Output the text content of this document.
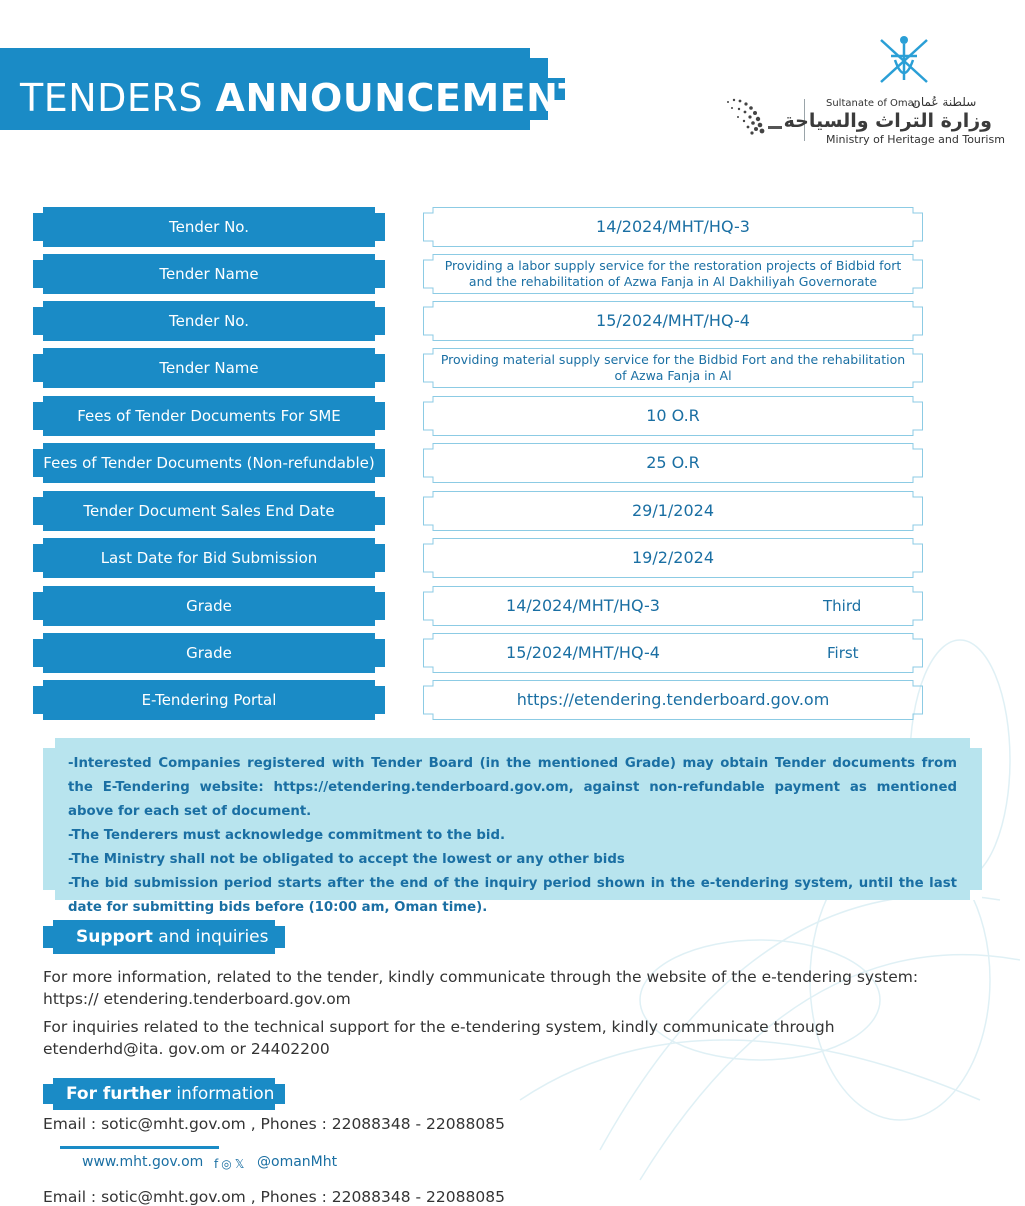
TENDERS ANNOUNCEMENT	Sultanate of Oman
سلطنة عُمان
وزارة التراث والسياحة
Ministry of Heritage and Tourism
Tender No.	14/2024/MHT/HQ-3
Tender Name	Providing a labor supply service for the restoration projects of Bidbid fort and the rehabilitation of Azwa Fanja in Al Dakhiliyah Governorate
Tender No.	15/2024/MHT/HQ-4
Tender Name	Providing material supply service for the Bidbid Fort and the rehabilitation of Azwa Fanja in Al
Fees of Tender Documents For SME	10 O.R
Fees of Tender Documents (Non-refundable)	25 O.R
Tender Document Sales End Date	29/1/2024
Last Date for Bid Submission	19/2/2024
Grade	14/2024/MHT/HQ-3	Third
Grade	15/2024/MHT/HQ-4	First
E-Tendering Portal	https://etendering.tenderboard.gov.om

-Interested Companies registered with Tender Board (in the mentioned Grade) may obtain Tender documents from the E-Tendering website: https://etendering.tenderboard.gov.om, against non-refundable payment as mentioned above for each set of document.

-The Tenderers must acknowledge commitment to the bid.

-The Ministry shall not be obligated to accept the lowest or any other bids

-The bid submission period starts after the end of the inquiry period shown in the e-tendering system, until the last date for submitting bids before (10:00 am, Oman time).

Support and inquiries

For more information, related to the tender, kindly communicate through the website of the e-tendering system: https:// etendering.tenderboard.gov.om

For inquiries related to the technical support for the e-tendering system, kindly communicate through etenderhd@ita. gov.om or 24402200

For further information
Email : sotic@mht.gov.om , Phones : 22088348 - 22088085
www.mht.gov.om f ◎ 𝕏 @omanMht
Email : sotic@mht.gov.om , Phones : 22088348 - 22088085
